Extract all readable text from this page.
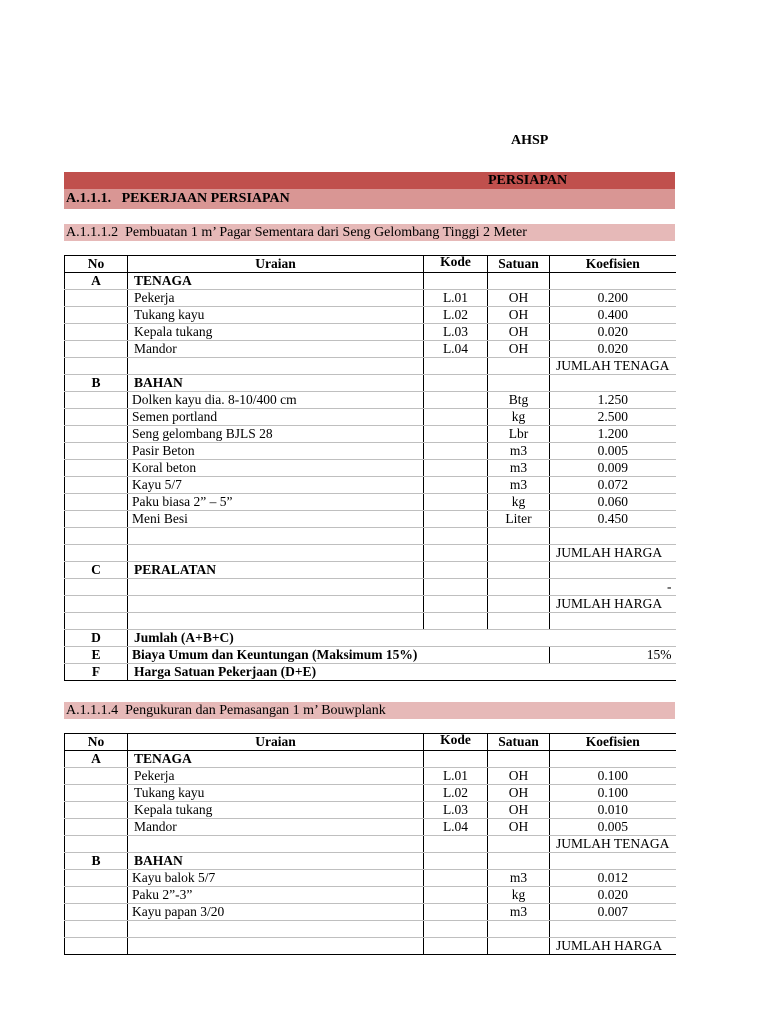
AHSP
PERSIAPAN
A.1.1.1.   PEKERJAAN PERSIAPAN
A.1.1.1.2  Pembuatan 1 m’ Pagar Sementara dari Seng Gelombang Tinggi 2 Meter
No	Uraian	Kode	Satuan	Koefisien
A	TENAGA			
	Pekerja	L.01	OH	0.200
	Tukang kayu	L.02	OH	0.400
	Kepala tukang	L.03	OH	0.020
	Mandor	L.04	OH	0.020
				JUMLAH TENAGA
B	BAHAN			
	Dolken kayu dia. 8-10/400 cm		Btg	1.250
	Semen portland		kg	2.500
	Seng gelombang BJLS 28		Lbr	1.200
	Pasir Beton		m3	0.005
	Koral beton		m3	0.009
	Kayu 5/7		m3	0.072
	Paku biasa 2” – 5”		kg	0.060
	Meni Besi		Liter	0.450

				JUMLAH HARGA
C	PERALATAN			
				-
				JUMLAH HARGA

D	Jumlah (A+B+C)			
E	Biaya Umum dan Keuntungan (Maksimum 15%)			15%
F	Harga Satuan Pekerjaan (D+E)			
A.1.1.1.4  Pengukuran dan Pemasangan 1 m’ Bouwplank
No	Uraian	Kode	Satuan	Koefisien
A	TENAGA			
	Pekerja	L.01	OH	0.100
	Tukang kayu	L.02	OH	0.100
	Kepala tukang	L.03	OH	0.010
	Mandor	L.04	OH	0.005
				JUMLAH TENAGA
B	BAHAN			
	Kayu balok 5/7		m3	0.012
	Paku 2”-3”		kg	0.020
	Kayu papan 3/20		m3	0.007

				JUMLAH HARGA
